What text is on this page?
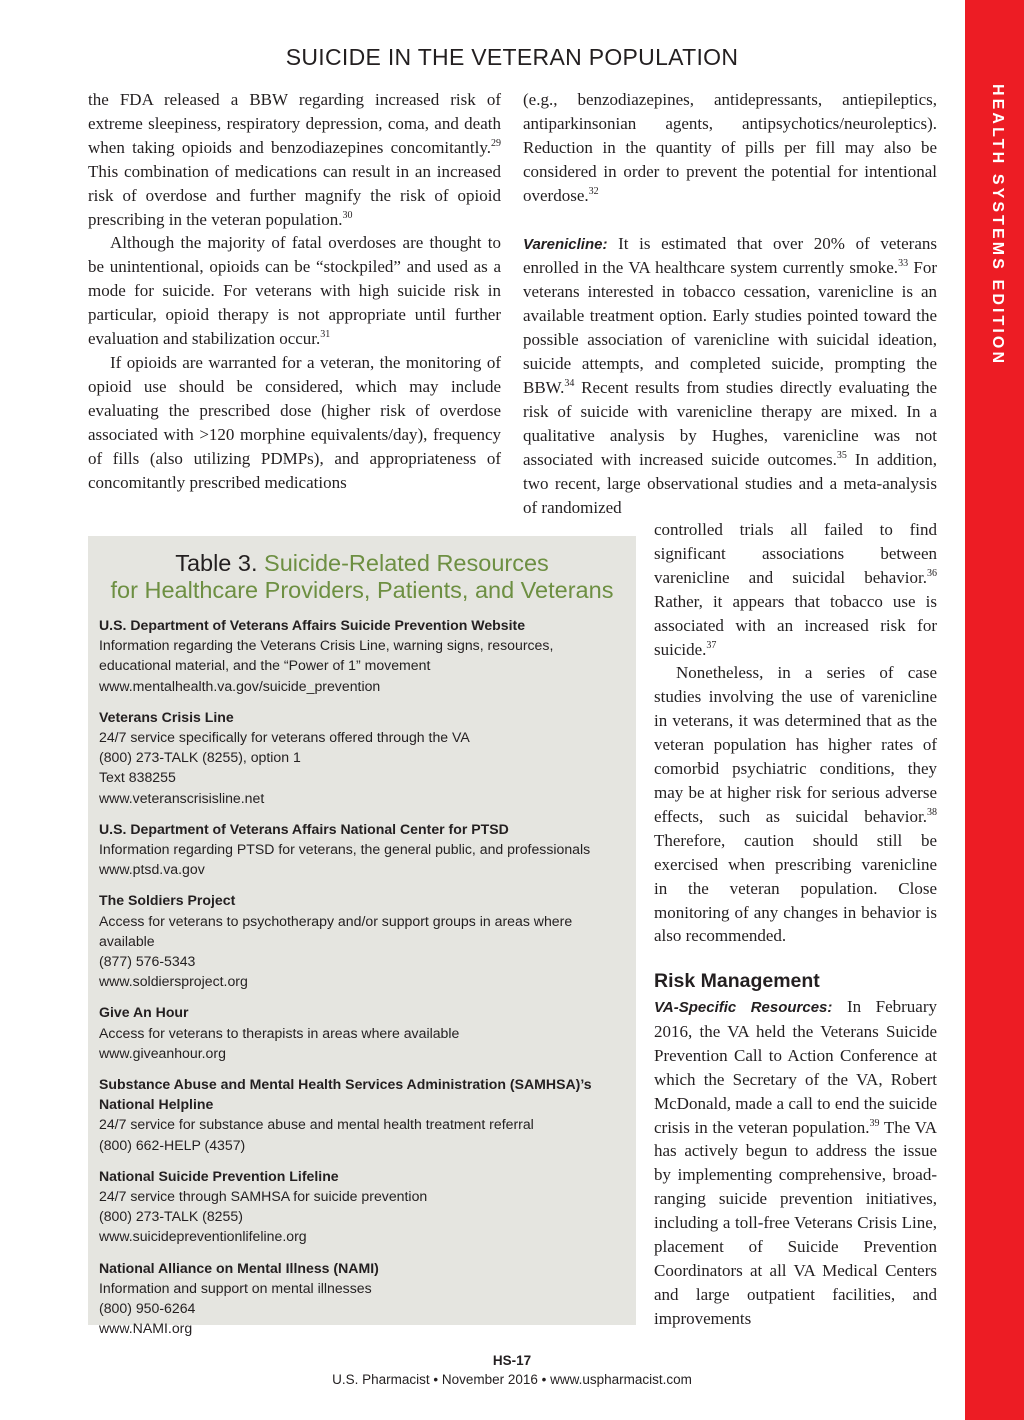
SUICIDE IN THE VETERAN POPULATION
HEALTH SYSTEMS EDITION

the FDA released a BBW regarding increased risk of extreme sleepiness, respiratory depression, coma, and death when taking opioids and benzodiazepines concomitantly.$^{29}$ This combination of medications can result in an increased risk of overdose and further magnify the risk of opioid prescribing in the veteran population.$^{30}$

Although the majority of fatal overdoses are thought to be unintentional, opioids can be “stockpiled” and used as a mode for suicide. For veterans with high suicide risk in particular, opioid therapy is not appropriate until further evaluation and stabilization occur.$^{31}$

If opioids are warranted for a veteran, the monitoring of opioid use should be considered, which may include evaluating the prescribed dose (higher risk of overdose associated with >120 morphine equivalents/day), frequency of fills (also utilizing PDMPs), and appropriateness of concomitantly prescribed medications

(e.g., benzodiazepines, antidepressants, antiepileptics, antiparkinsonian agents, antipsychotics/neuroleptics). Reduction in the quantity of pills per fill may also be considered in order to prevent the potential for intentional overdose.$^{32}$

Varenicline: It is estimated that over 20% of veterans enrolled in the VA healthcare system currently smoke.$^{33}$ For veterans interested in tobacco cessation, varenicline is an available treatment option. Early studies pointed toward the possible association of varenicline with suicidal ideation, suicide attempts, and completed suicide, prompting the BBW.$^{34}$ Recent results from studies directly evaluating the risk of suicide with varenicline therapy are mixed. In a qualitative analysis by Hughes, varenicline was not associated with increased suicide outcomes.$^{35}$ In addition, two recent, large observational studies and a meta-analysis of randomized

controlled trials all failed to find significant associations between varenicline and suicidal behavior.$^{36}$ Rather, it appears that tobacco use is associated with an increased risk for suicide.$^{37}$

Nonetheless, in a series of case studies involving the use of varenicline in veterans, it was determined that as the veteran population has higher rates of comorbid psychiatric conditions, they may be at higher risk for serious adverse effects, such as suicidal behavior.$^{38}$ Therefore, caution should still be exercised when prescribing varenicline in the veteran population. Close monitoring of any changes in behavior is also recommended.

Risk Management

VA-Specific Resources: In February 2016, the VA held the Veterans Suicide Prevention Call to Action Conference at which the Secretary of the VA, Robert McDonald, made a call to end the suicide crisis in the veteran population.$^{39}$ The VA has actively begun to address the issue by implementing comprehensive, broad-ranging suicide prevention initiatives, including a toll-free Veterans Crisis Line, placement of Suicide Prevention Coordinators at all VA Medical Centers and large outpatient facilities, and improvements

Table 3. Suicide-Related Resources
for Healthcare Providers, Patients, and Veterans
U.S. Department of Veterans Affairs Suicide Prevention Website
Information regarding the Veterans Crisis Line, warning signs, resources,
educational material, and the “Power of 1” movement
www.mentalhealth.va.gov/suicide_prevention
Veterans Crisis Line
24/7 service specifically for veterans offered through the VA
(800) 273-TALK (8255), option 1
Text 838255
www.veteranscrisisline.net
U.S. Department of Veterans Affairs National Center for PTSD
Information regarding PTSD for veterans, the general public, and professionals
www.ptsd.va.gov
The Soldiers Project
Access for veterans to psychotherapy and/or support groups in areas where available
(877) 576-5343
www.soldiersproject.org
Give An Hour
Access for veterans to therapists in areas where available
www.giveanhour.org
Substance Abuse and Mental Health Services Administration (SAMHSA)’s National Helpline
24/7 service for substance abuse and mental health treatment referral
(800) 662-HELP (4357)
National Suicide Prevention Lifeline
24/7 service through SAMHSA for suicide prevention
(800) 273-TALK (8255)
www.suicidepreventionlifeline.org
National Alliance on Mental Illness (NAMI)
Information and support on mental illnesses
(800) 950-6264
www.NAMI.org
HS-17
U.S. Pharmacist • November 2016 • www.uspharmacist.com
